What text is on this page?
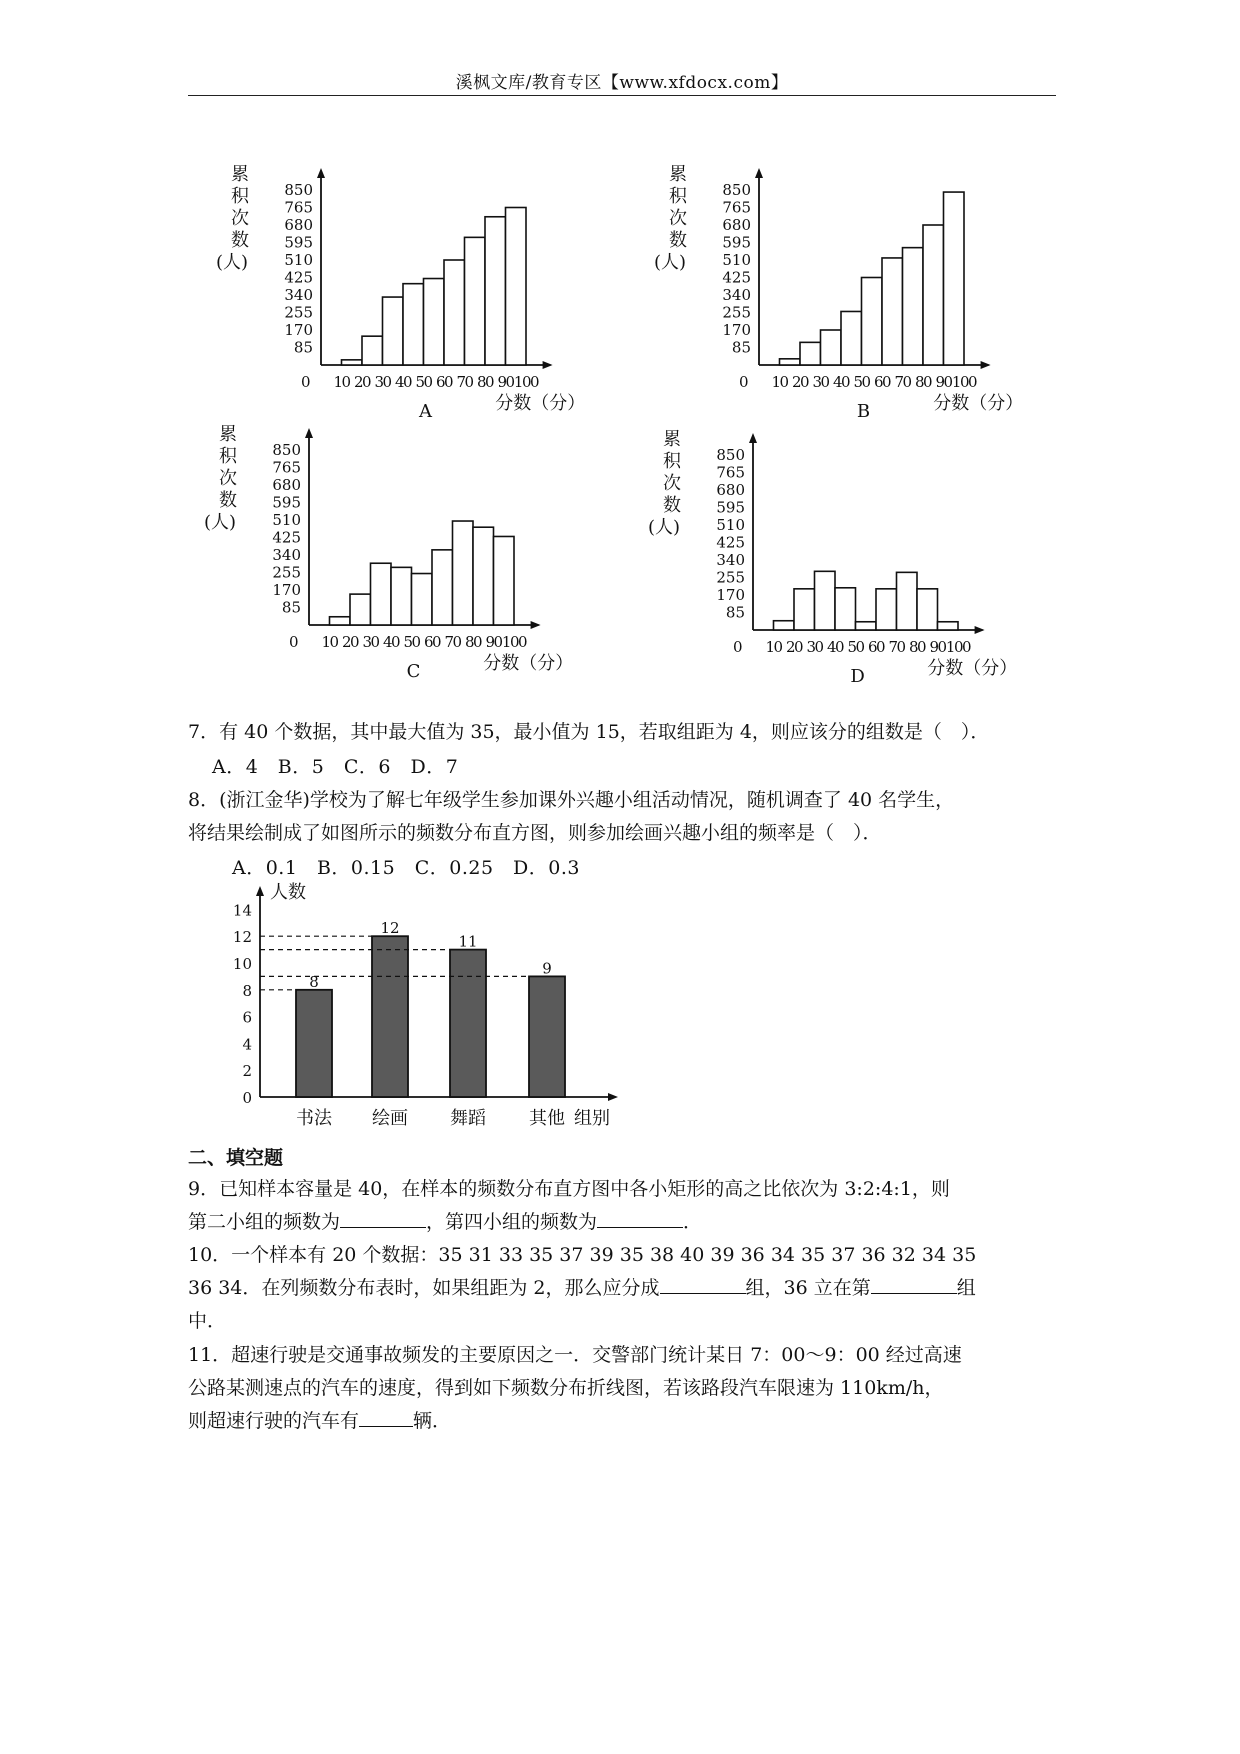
溪枫文库/教育专区【www.xfdocx.com】
累
积
次
数
(人)
850
765
680
595
510
425
340
255
170
85
0 10 20 30 40 50 60 70 80 90 100
A	分数（分）
累
积
次
数
(人)
850
765
680
595
510
425
340
255
170
85
0 10 20 30 40 50 60 70 80 90 100
B	分数（分）
累
积
次
数
(人)
850
765
680
595
510
425
340
255
170
85
0 10 20 30 40 50 60 70 80 90 100
C	分数（分）
累
积
次
数
(人)
850
765
680
595
510
425
340
255
170
85
0 10 20 30 40 50 60 70 80 90 100
D	分数（分）
7．有 40 个数据，其中最大值为 35，最小值为 15，若取组距为 4，则应该分的组数是（　）．
A．4　B．5　C．6　D．7
8．(浙江金华)学校为了解七年级学生参加课外兴趣小组活动情况，随机调查了 40 名学生，
将结果绘制成了如图所示的频数分布直方图，则参加绘画兴趣小组的频率是（　）．
A．0.1　B．0.15　C．0.25　D．0.3
人数
0
2
4
6
8
10
12
14
8
书法
12
绘画
11
舞蹈
9
其他 组别
二、填空题
9．已知样本容量是 40，在样本的频数分布直方图中各小矩形的高之比依次为 3:2:4:1，则
第二小组的频数为	，第四小组的频数为	．
10．一个样本有 20 个数据：35 31 33 35 37 39 35 38 40 39 36 34 35 37 36 32 34 35
36 34．在列频数分布表时，如果组距为 2，那么应分成	组，36 立在第	组
中．
11．超速行驶是交通事故频发的主要原因之一．交警部门统计某日 7：00～9：00 经过高速
公路某测速点的汽车的速度，得到如下频数分布折线图，若该路段汽车限速为 110km/h，
则超速行驶的汽车有	辆．
